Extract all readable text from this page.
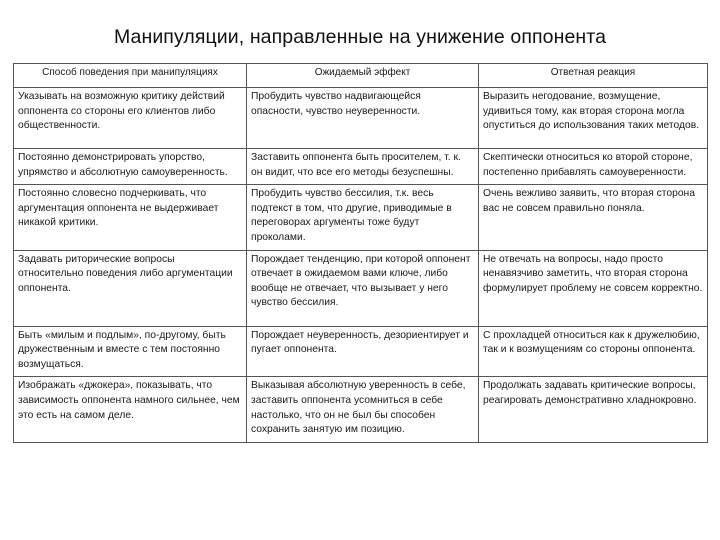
Манипуляции, направленные на унижение оппонента
Способ поведения при манипуляциях	Ожидаемый эффект	Ответная реакция
Указывать на возможную критику действий оппонента со стороны его клиентов либо общественности.	Пробудить чувство надвигающейся опасности, чувство неуверенности.	Выразить негодование, возмущение, удивиться тому, как вторая сторона могла опуститься до использования таких методов.
Постоянно демонстрировать упорство, упрямство и абсолютную самоуверенность.	Заставить оппонента быть просителем, т. к. он видит, что все его методы безуспешны.	Скептически относиться ко второй стороне, постепенно прибавлять самоуверенности.
Постоянно словесно подчеркивать, что аргументация оппонента не выдерживает никакой критики.	Пробудить чувство бессилия, т.к. весь подтекст в том, что другие, приводимые в переговорах аргументы тоже будут проколами.	Очень вежливо заявить, что вторая сторона вас не совсем правильно поняла.
Задавать риторические вопросы относительно поведения либо аргументации оппонента.	Порождает тенденцию, при которой оппонент отвечает в ожидаемом вами ключе, либо вообще не отвечает, что вызывает у него чувство бессилия.	Не отвечать на вопросы, надо просто ненавязчиво заметить, что вторая сторона формулирует проблему не совсем корректно.
Быть «милым и подлым», по-другому, быть дружественным и вместе с тем постоянно возмущаться.	Порождает неуверенность, дезориентирует и пугает оппонента.	С прохладцей относиться как к дружелюбию, так и к возмущениям со стороны оппонента.
Изображать «джокера», показывать, что зависимость оппонента намного сильнее, чем это есть на самом деле.	Выказывая абсолютную уверенность в себе, заставить оппонента усомниться в себе настолько, что он не был бы способен сохранить занятую им позицию.	Продолжать задавать критические вопросы, реагировать демонстративно хладнокровно.
